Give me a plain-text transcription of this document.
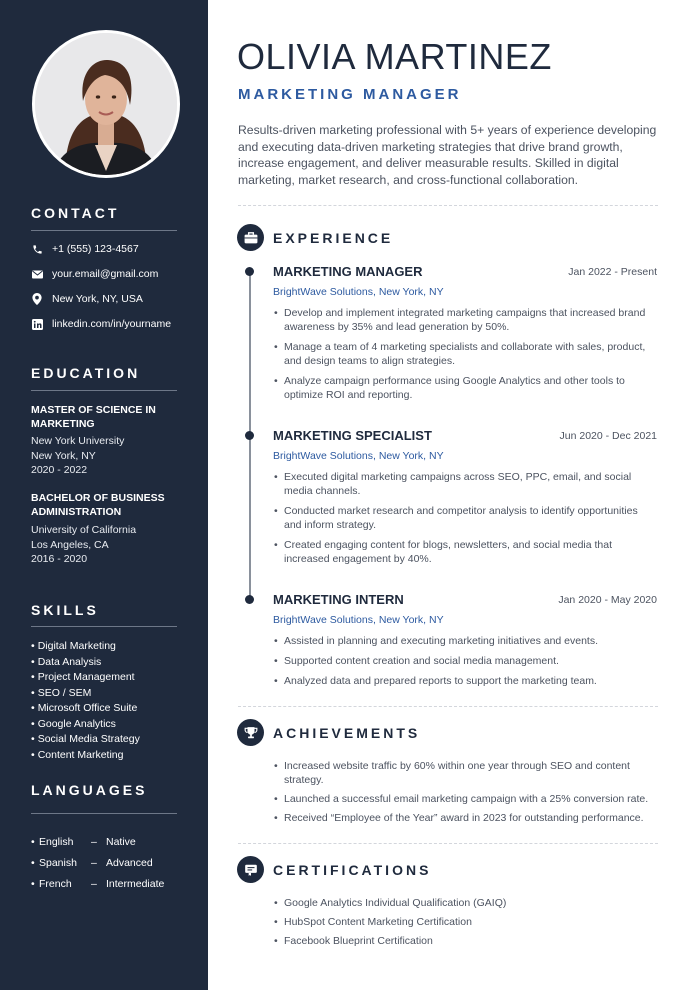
CONTACT
+1 (555) 123-4567
your.email@gmail.com
New York, NY, USA
linkedin.com/in/yourname
EDUCATION
MASTER OF SCIENCE IN
MARKETING
New York University
New York, NY
2020 - 2022
BACHELOR OF BUSINESS
ADMINISTRATION
University of California
Los Angeles, CA
2016 - 2020
SKILLS
• Digital Marketing
• Data Analysis
• Project Management
• SEO / SEM
• Microsoft Office Suite
• Google Analytics
• Social Media Strategy
• Content Marketing
LANGUAGES
• English – Native
• Spanish – Advanced
• French – Intermediate
OLIVIA MARTINEZ
MARKETING MANAGER
Results-driven marketing professional with 5+ years of experience developing and executing data-driven marketing strategies that drive brand growth, increase engagement, and deliver measurable results. Skilled in digital marketing, market research, and cross-functional collaboration.
EXPERIENCE
MARKETING MANAGER	Jan 2022 - Present
BrightWave Solutions, New York, NY
• Develop and implement integrated marketing campaigns that increased brand awareness by 35% and lead generation by 50%.
• Manage a team of 4 marketing specialists and collaborate with sales, product, and design teams to align strategies.
• Analyze campaign performance using Google Analytics and other tools to optimize ROI and reporting.
MARKETING SPECIALIST	Jun 2020 - Dec 2021
BrightWave Solutions, New York, NY
• Executed digital marketing campaigns across SEO, PPC, email, and social media channels.
• Conducted market research and competitor analysis to identify opportunities and inform strategy.
• Created engaging content for blogs, newsletters, and social media that increased engagement by 40%.
MARKETING INTERN	Jan 2020 - May 2020
BrightWave Solutions, New York, NY
• Assisted in planning and executing marketing initiatives and events.
• Supported content creation and social media management.
• Analyzed data and prepared reports to support the marketing team.
ACHIEVEMENTS
• Increased website traffic by 60% within one year through SEO and content strategy.
• Launched a successful email marketing campaign with a 25% conversion rate.
• Received “Employee of the Year” award in 2023 for outstanding performance.
CERTIFICATIONS
• Google Analytics Individual Qualification (GAIQ)
• HubSpot Content Marketing Certification
• Facebook Blueprint Certification
